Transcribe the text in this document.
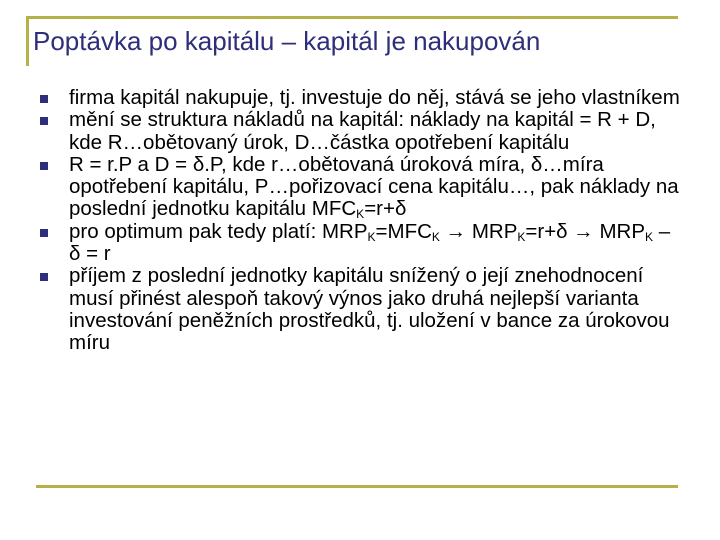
Poptávka po kapitálu – kapitál je nakupován
firma kapitál nakupuje, tj. investuje do něj, stává se jeho vlastníkem
mění se struktura nákladů na kapitál: náklady na kapitál = R + D, kde R…obětovaný úrok, D…částka opotřebení kapitálu
R = r.P a D = δ.P, kde r…obětovaná úroková míra, δ…míra opotřebení kapitálu, P…pořizovací cena kapitálu…, pak náklady na poslední jednotku kapitálu $MFC_K=r+\delta$
pro optimum pak tedy platí: $MRP_K=MFC_K \to MRP_K=r+\delta \to MRP_K - \delta = r$
příjem z poslední jednotky kapitálu snížený o její znehodnocení musí přinést alespoň takový výnos jako druhá nejlepší varianta investování peněžních prostředků, tj. uložení v bance za úrokovou míru
